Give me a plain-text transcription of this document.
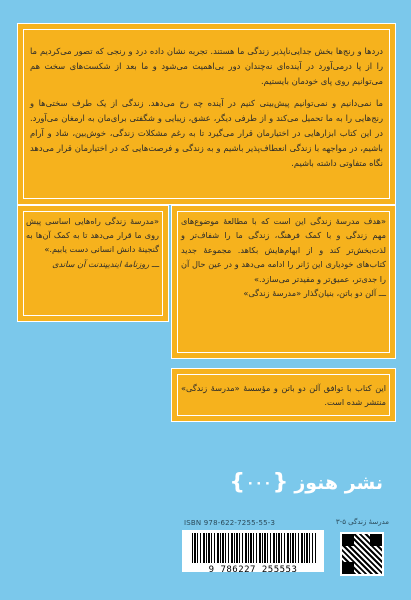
دردها و رنج‌ها بخش جدایی‌ناپذیر زندگی ما هستند. تجربه نشان داده درد و رنجی که تصور می‌کردیم ما را از پا درمی‌آورد در آینده‌ای نه‌چندان دور بی‌اهمیت می‌شود و ما بعد از شکست‌های سخت هم می‌توانیم روی پای خودمان بایستیم.

ما نمی‌دانیم و نمی‌توانیم پیش‌بینی کنیم در آینده چه رخ می‌دهد. زندگی از یک طرف سختی‌ها و رنج‌هایی را به ما تحمیل می‌کند و از طرفی دیگر، عشق، زیبایی و شگفتی برای‌مان به ارمغان می‌آورد. در این کتاب ابزارهایی در اختیارمان قرار می‌گیرد تا به رغم مشکلات زندگی، خوش‌بین، شاد و آرام باشیم، در مواجهه با زندگی انعطاف‌پذیر باشیم و به زندگی و فرصت‌هایی که در اختیارمان قرار می‌دهد نگاه متفاوتی داشته باشیم.

«مدرسهٔ زندگی راه‌هایی اساسی پیش روی ما قرار می‌دهد تا به کمک آن‌ها به گنجینهٔ دانش انسانی دست یابیم.»
ـــ روزنامهٔ ایندیپندنت آن ساندی
«هدف مدرسهٔ زندگی این است که با مطالعهٔ موضوع‌های مهم زندگی و با کمک فرهنگ، زندگی ما را شفاف‌تر و لذت‌بخش‌تر کند و از ابهام‌هایش بکاهد. مجموعهٔ جدید کتاب‌های خودیاری این ژانر را ادامه می‌دهد و در عین حال آن را جدی‌تر، عمیق‌تر و مفیدتر می‌سازد.»
ـــ آلن دو باتن، بنیان‌گذار «مدرسهٔ زندگی»

این کتاب با توافق آلن دو باتن و مؤسسهٔ «مدرسهٔ زندگی» منتشر شده است.

نشر هنوز
{
۰۰۰
}
مدرسهٔ زندگی ۵-۳
ISBN 978-622-7255-55-3
9 786227 255553
